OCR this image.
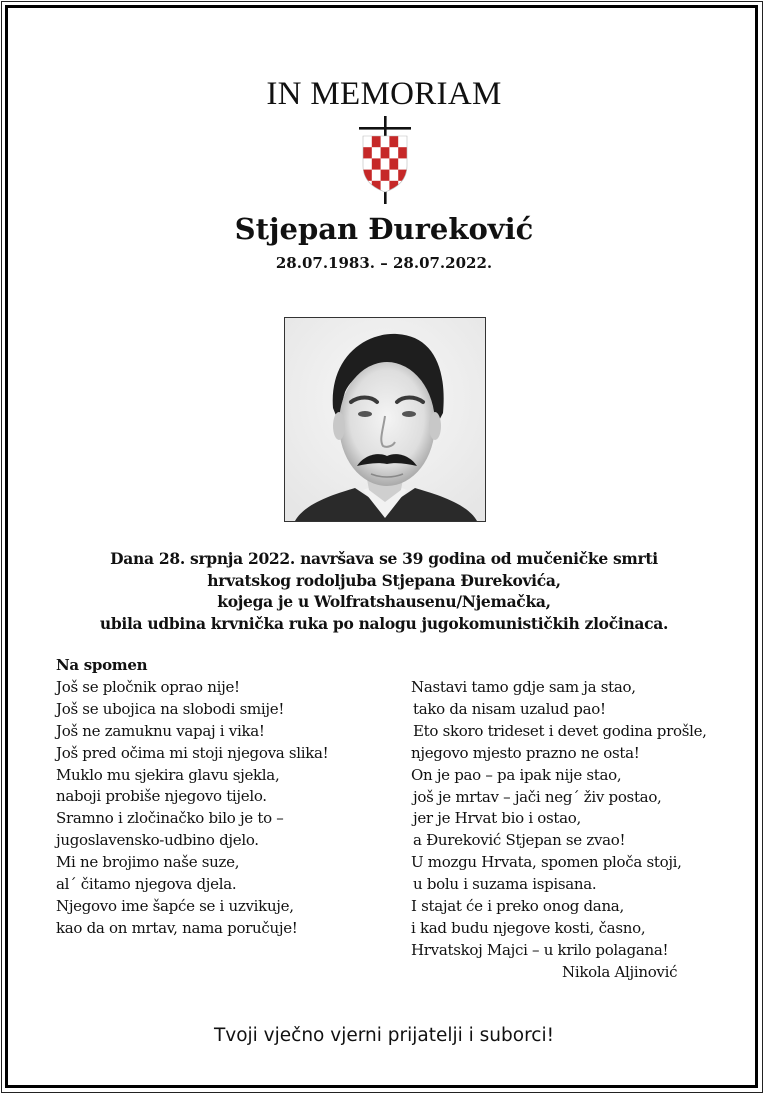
IN MEMORIAM
Stjepan Đureković
28.07.1983. – 28.07.2022.
Dana 28. srpnja 2022. navršava se 39 godina od mučeničke smrti
hrvatskog rodoljuba Stjepana Đurekovića,
kojega je u Wolfratshausenu/Njemačka,
ubila udbina krvnička ruka po nalogu jugokomunističkih zločinaca.
Na spomen
Još se pločnik oprao nije!
Još se ubojica na slobodi smije!
Još ne zamuknu vapaj i vika!
Još pred očima mi stoji njegova slika!
Muklo mu sjekira glavu sjekla,
naboji probiše njegovo tijelo.
Sramno i zločinačko bilo je to –
jugoslavensko-udbino djelo.
Mi ne brojimo naše suze,
al´ čitamo njegova djela.
Njegovo ime šapće se i uzvikuje,
kao da on mrtav, nama poručuje!
Nastavi tamo gdje sam ja stao,
tako da nisam uzalud pao!
Eto skoro trideset i devet godina prošle,
njegovo mjesto prazno ne osta!
On je pao – pa ipak nije stao,
još je mrtav – jači neg´ živ postao,
jer je Hrvat bio i ostao,
a Đureković Stjepan se zvao!
U mozgu Hrvata, spomen ploča stoji,
u bolu i suzama ispisana.
I stajat će i preko onog dana,
i kad budu njegove kosti, časno,
Hrvatskoj Majci – u krilo polagana!
Nikola Aljinović
Tvoji vječno vjerni prijatelji i suborci!
